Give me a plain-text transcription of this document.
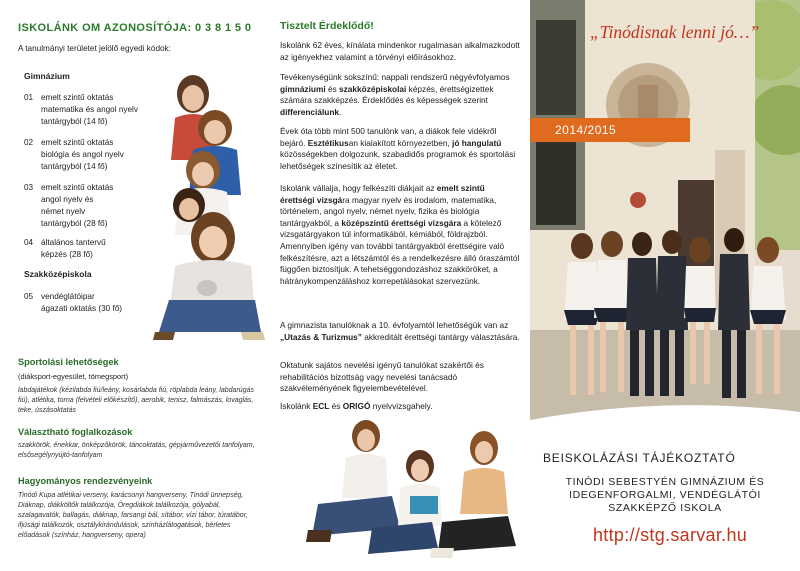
ISKOLÁNK OM AZONOSÍTÓJA: 0 3 8 1 5 0
A tanulmányi területet jelölő egyedi kódok:
Gimnázium
01 emelt szintű oktatás
matematika és angol nyelv
tantárgyból (14 fő)
02 emelt szintű oktatás
biológia és angol nyelv
tantárgyból (14 fő)
03 emelt szintű oktatás
angol nyelv és
német nyelv
tantárgyból (28 fő)
04 általános tantervű
képzés (28 fő)
Szakközépiskola
05 vendéglátóipar
ágazati oktatás (30 fő)
Sportolási lehetőségek
(diáksport-egyesület, tömegsport)
labdajátékok (kézilabda fiú/leány, kosárlabda fiú, röplabda leány, labdarúgás fiú), atlétika, torna (felvételi előkészítő), aerobik, tenisz, falmászás, lovaglás, teke, úszásoktatás
Választható foglalkozások
szakkörök, énekkar, önképzőkörök, táncoktatás, gépjárművezetői tanfolyam, elsősegélynyújtó-tanfolyam
Hagyományos rendezvényeink
Tinódi Kupa atlétikai verseny, karácsonyi hangverseny, Tinódi ünnepség, Diáknap, diákköltők találkozója, Öregdiákok találkozója, gólyabál, szalagavatók, ballagás, diáknap, farsangi bál, sítábor, vízi tábor, túratábor, ifjúsági találkozók, osztálykirándulások, színházlátogatások, bérletes előadások (színház, hangverseny, opera)
Tisztelt Érdeklődő!
Iskolánk 62 éves, kínálata mindenkor rugalmasan alkalmazkodott az igényekhez valamint a törvényi előírásokhoz.
Tevékenységünk sokszínű: nappali rendszerű négyévfolyamos gimnáziumi és szakközépiskolai képzés, érettségizettek számára szakképzés. Érdeklődés és képességek szerint differenciálunk.
Évek óta több mint 500 tanulónk van, a diákok fele vidékről bejáró. Esztétikusan kialakított környezetben, jó hangulatú közösségekben dolgozunk, szabadidős programok és sportolási lehetőségek színesítik az életet.
Iskolánk vállalja, hogy felkészíti diákjait az emelt szintű érettségi vizsgára magyar nyelv és irodalom, matematika, történelem, angol nyelv, német nyelv, fizika és biológia tantárgyakból, a középszintű érettségi vizsgára a kötelező vizsgatárgyakon túl informatikából, kémiából, földrajzból. Amennyiben igény van további tantárgyakból érettségire való felkészítésre, azt a létszámtól és a rendelkezésre álló óraszámtól függően biztosítjuk. A tehetséggondozáshoz szakköröket, a hátránykompenzáláshoz korrepetálásokat szervezünk.
A gimnazista tanulóknak a 10. évfolyamtól lehetőségük van az „Utazás & Turizmus” akkreditált érettségi tantárgy választására.
Oktatunk sajátos nevelési igényű tanulókat szakértői és rehabilitációs bizottság vagy nevelési tanácsadó szakvéleményének figyelembevételével.
Iskolánk ECL és ORIGÓ nyelvvizsgahely.
„Tinódisnak lenni jó…”
2014/2015
BEISKOLÁZÁSI TÁJÉKOZTATÓ
TINÓDI SEBESTYÉN GIMNÁZIUM ÉS
IDEGENFORGALMI, VENDÉGLÁTÓI
SZAKKÉPZŐ ISKOLA
http://stg.sarvar.hu
